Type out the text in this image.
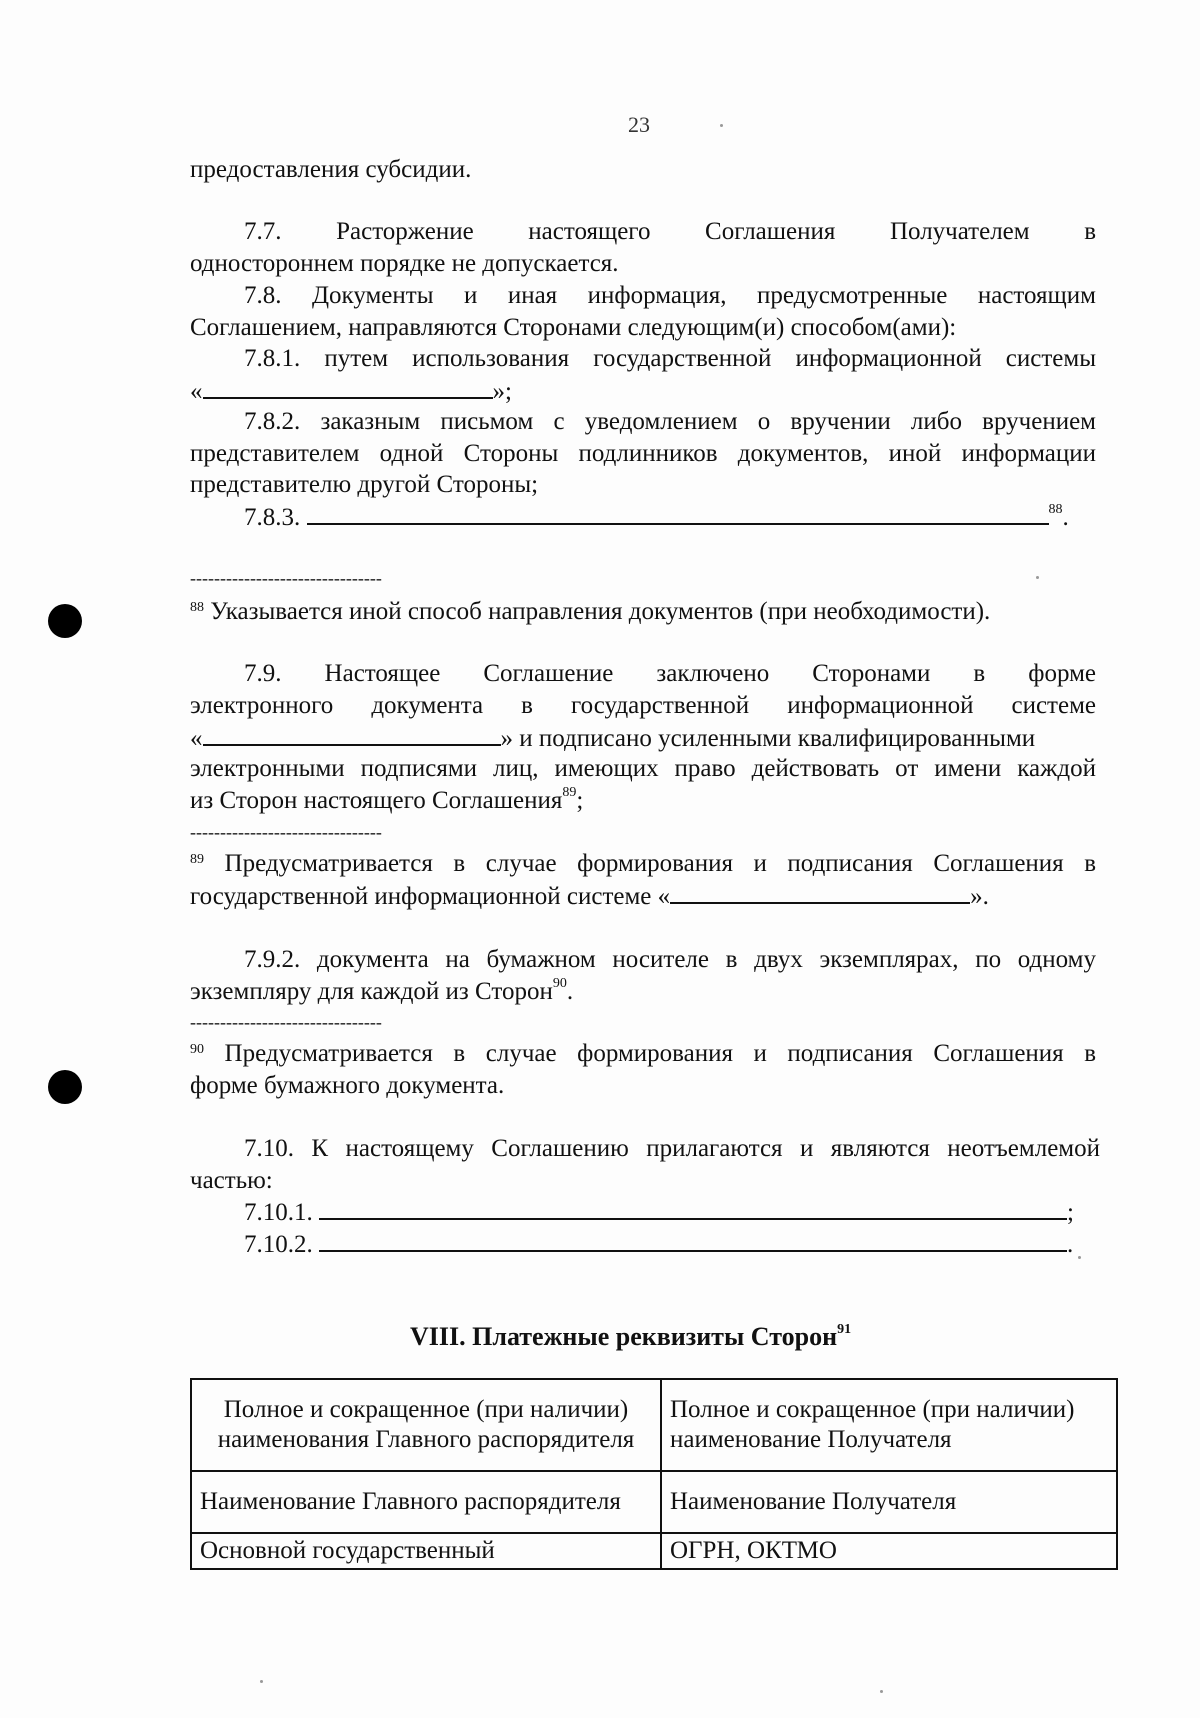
23
предоставления субсидии.
7.7. Расторжение настоящего Соглашения Получателем в
одностороннем порядке не допускается.
7.8. Документы и иная информация, предусмотренные настоящим
Соглашением, направляются Сторонами следующим(и) способом(ами):
7.8.1. путем использования государственной информационной системы
«	»;
7.8.2. заказным письмом с уведомлением о вручении либо вручением
представителем одной Стороны подлинников документов, иной информации
представителю другой Стороны;
7.8.3.	$^{88}$.
--------------------------------
$^{88}$ Указывается иной способ направления документов (при необходимости).
7.9. Настоящее Соглашение заключено Сторонами в форме
электронного документа в государственной информационной системе
«	» и подписано усиленными квалифицированными
электронными подписями лиц, имеющих право действовать от имени каждой
из Сторон настоящего Соглашения$^{89}$;
--------------------------------
$^{89}$ Предусматривается в случае формирования и подписания Соглашения в
государственной информационной системе «	».
7.9.2. документа на бумажном носителе в двух экземплярах, по одному
экземпляру для каждой из Сторон$^{90}$.
--------------------------------
$^{90}$ Предусматривается в случае формирования и подписания Соглашения в
форме бумажного документа.
7.10. К настоящему Соглашению прилагаются и являются неотъемлемой
частью:
7.10.1.	;
7.10.2.	.
VIII. Платежные реквизиты Сторон$^{91}$
Полное и сокращенное (при наличии) наименования Главного распорядителя	Полное и сокращенное (при наличии) наименование Получателя
Наименование Главного распорядителя	Наименование Получателя
Основной государственный	ОГРН, ОКТМО
